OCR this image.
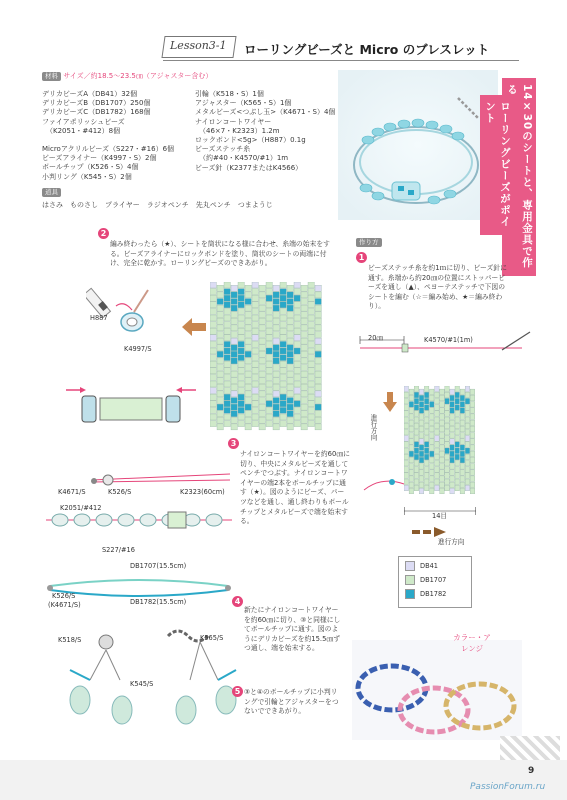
Lesson3-1 ローリングビーズと Micro のブレスレット
14×30のシートと、専用金具で作る
ローリングビーズがポイント
材料 サイズ／約18.5〜23.5㎝（アジャスター含む）
デリカビーズA（DB41）32個
デリカビーズB（DB1707）250個
デリカビーズC（DB1782）168個
ファイアポリッシュビーズ
（K2051・#412）8個
Microアクリルビーズ（S227・#16）6個
ビーズアライナー（K4997・S）2個
ボールチップ（K526・S）4個
小判リング（K545・S）2個
引輪（K518・S）1個
アジャスター（K565・S）1個
メタルビーズ<つぶし玉>（K4671・S）4個
ナイロンコートワイヤー
（46×7・K2323）1.2m
ロックボンド<5g>（H887）0.1g
ビーズステッチ糸
（約#40・K4570/#1）1m
ビーズ針（K2377またはK4566）
道具
はさみ　ものさし　プライヤー　ラジオペンチ　先丸ペンチ　つまようじ
2
編み終わったら（★）、シートを筒状になる様に合わせ、糸端の始末をする。ビーズアライナーにロックボンドを塗り、筒状のシートの両端に付け、完全に乾かす。ローリングビーズのできあがり。
H887
K4997/S
作り方
1
ビーズステッチ糸を約1ｍに切り、ビーズ針に通す。糸端から約20㎝の位置にストッパービーズを通し（▲）、ペヨーテステッチで下図のシートを編む（☆＝編み始め、★＝編み終わり）。
20㎝	K4570/#1(1m)
進行方向
14目
進行方向
DB41
DB1707
DB1782
3
ナイロンコートワイヤーを約60㎝に切り、中央にメタルビーズを通してペンチでつぶす。ナイロンコートワイヤーの端2本をボールチップに通す（★）。図のようにビーズ、パーツなどを通し、通し終わりもボールチップとメタルビーズで端を始末する。
K4671/S	K526/S	K2323(60cm)
K2051/#412
S227/#16
DB1707(15.5cm)
K526/S
(K4671/S)	DB1782(15.5cm)	4
新たにナイロンコートワイヤーを約60㎝に切り、③と同様にしてボールチップに通す。図のようにデリカビーズを約15.5㎝ずつ通し、端を始末する。
K518/S	K565/S
K545/S
5 ③と④のボールチップに小判リングで引輪とアジャスターをつないでできあがり。
カラー・アレンジ
9
PassionForum.ru
